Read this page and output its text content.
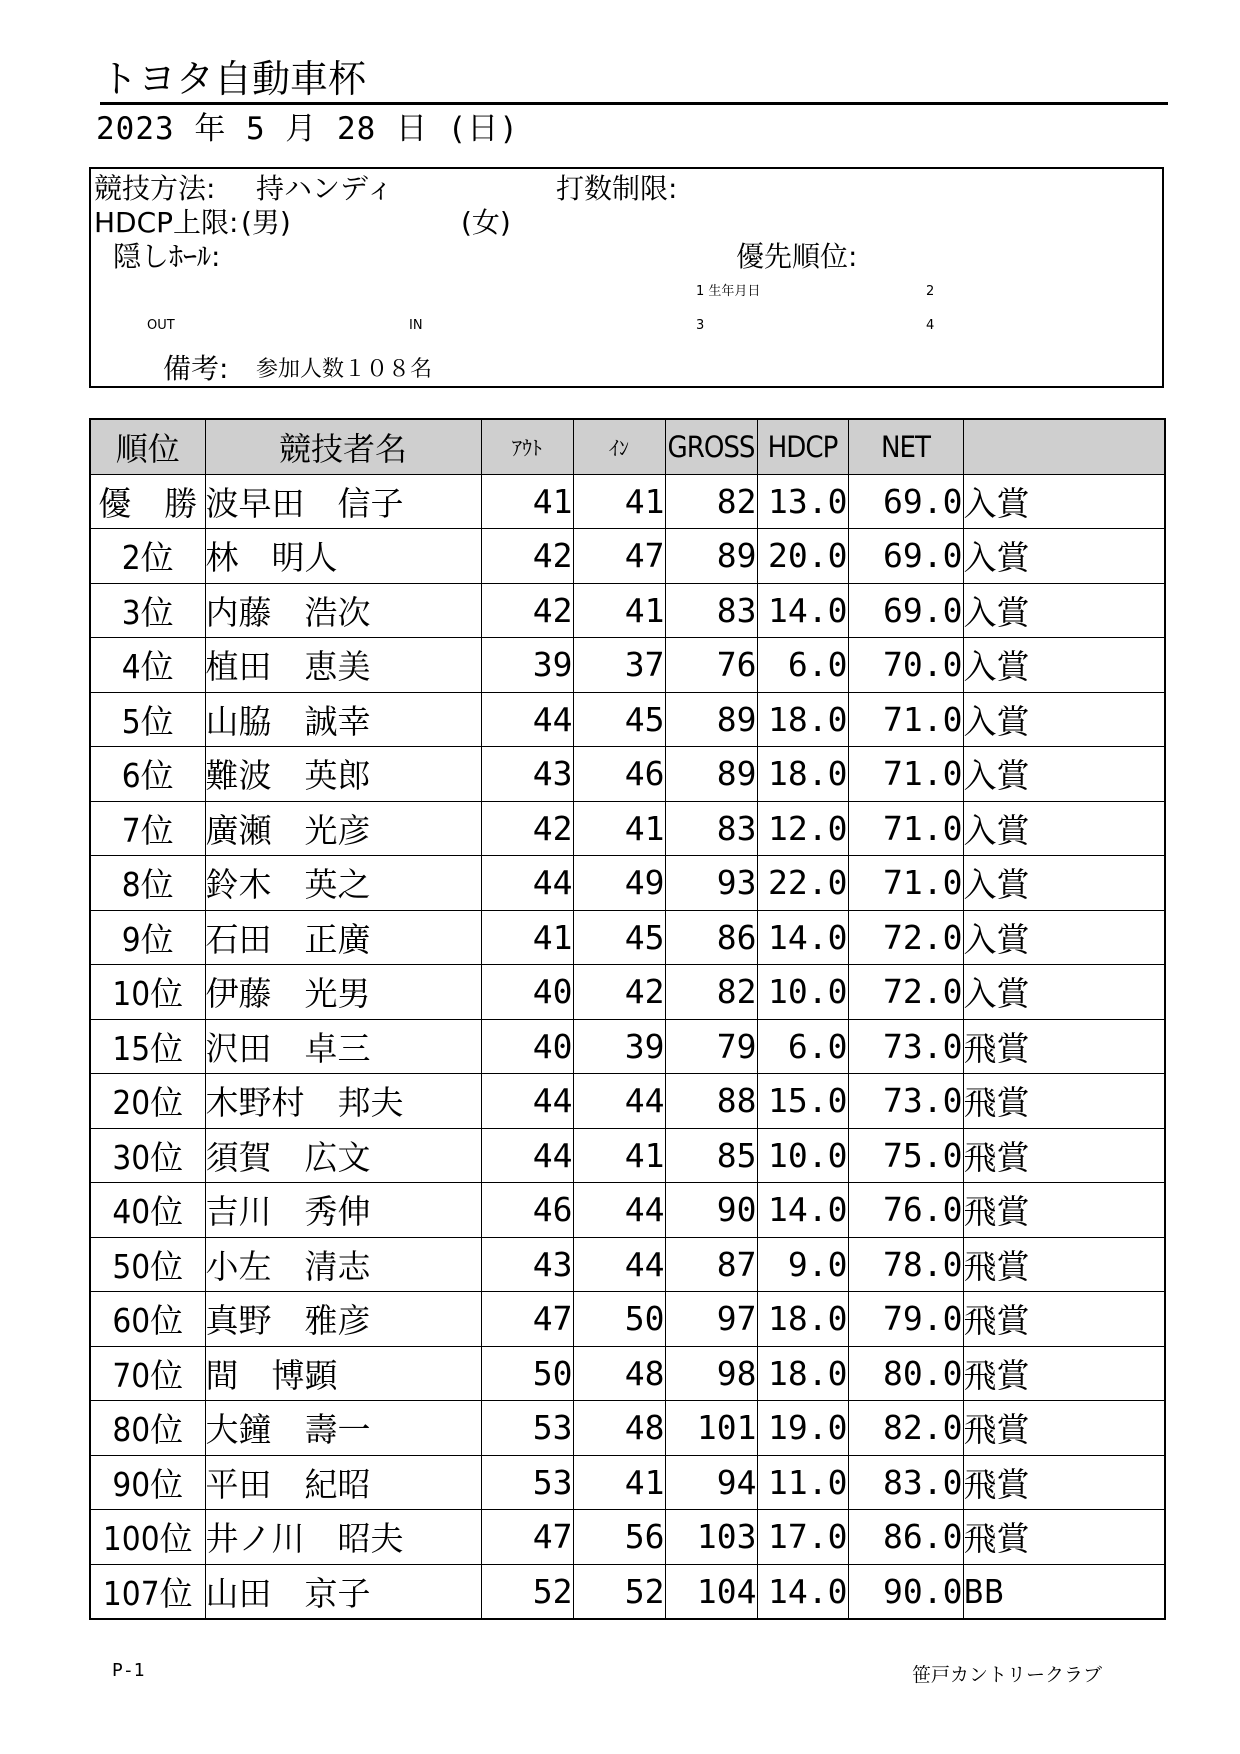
トヨタ自動車杯
2023 年 5 月 28 日 (日)
競技方法: 持ハンディ	打数制限:
HDCP上限: (男)	(女)
隠しﾎｰﾙ:	優先順位:
1 生年月日	2
OUT	IN	3	4
備考: 参加人数１０８名
順位	競技者名	ｱｳﾄ	ｲﾝ	GROSS	HDCP	NET	
優　勝	波早田　信子	41	41	82	13.0	69.0	入賞
2位	林　明人	42	47	89	20.0	69.0	入賞
3位	内藤　浩次	42	41	83	14.0	69.0	入賞
4位	植田　恵美	39	37	76	6.0	70.0	入賞
5位	山脇　誠幸	44	45	89	18.0	71.0	入賞
6位	難波　英郎	43	46	89	18.0	71.0	入賞
7位	廣瀬　光彦	42	41	83	12.0	71.0	入賞
8位	鈴木　英之	44	49	93	22.0	71.0	入賞
9位	石田　正廣	41	45	86	14.0	72.0	入賞
10位	伊藤　光男	40	42	82	10.0	72.0	入賞
15位	沢田　卓三	40	39	79	6.0	73.0	飛賞
20位	木野村　邦夫	44	44	88	15.0	73.0	飛賞
30位	須賀　広文	44	41	85	10.0	75.0	飛賞
40位	吉川　秀伸	46	44	90	14.0	76.0	飛賞
50位	小左　清志	43	44	87	9.0	78.0	飛賞
60位	真野　雅彦	47	50	97	18.0	79.0	飛賞
70位	間　博顕	50	48	98	18.0	80.0	飛賞
80位	大鐘　壽一	53	48	101	19.0	82.0	飛賞
90位	平田　紀昭	53	41	94	11.0	83.0	飛賞
100位	井ノ川　昭夫	47	56	103	17.0	86.0	飛賞
107位	山田　京子	52	52	104	14.0	90.0	BB
P-1	笹戸カントリークラブ
